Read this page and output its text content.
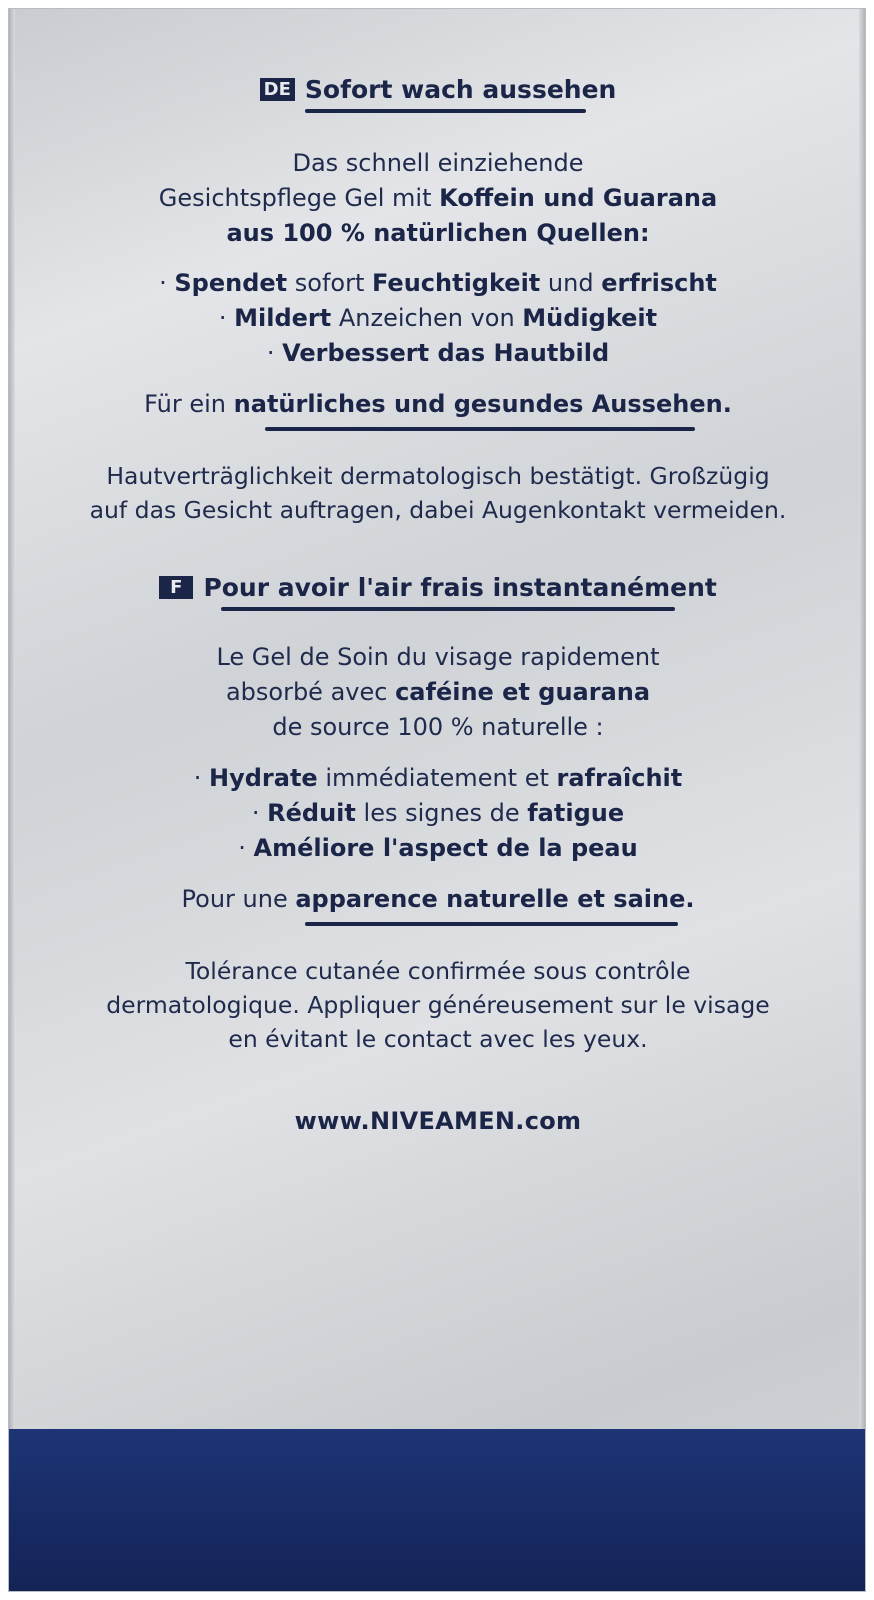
DE Sofort wach aussehen
Das schnell einziehende
Gesichtspflege Gel mit Koffein und Guarana
aus 100 % natürlichen Quellen:
· Spendet sofort Feuchtigkeit und erfrischt
· Mildert Anzeichen von Müdigkeit
· Verbessert das Hautbild
Für ein natürliches und gesundes Aussehen.
Hautverträglichkeit dermatologisch bestätigt. Großzügig
auf das Gesicht auftragen, dabei Augenkontakt vermeiden.
F Pour avoir l'air frais instantanément
Le Gel de Soin du visage rapidement
absorbé avec caféine et guarana
de source 100 % naturelle :
· Hydrate immédiatement et rafraîchit
· Réduit les signes de fatigue
· Améliore l'aspect de la peau
Pour une apparence naturelle et saine.
Tolérance cutanée confirmée sous contrôle
dermatologique. Appliquer généreusement sur le visage
en évitant le contact avec les yeux.
www.NIVEAMEN.com
